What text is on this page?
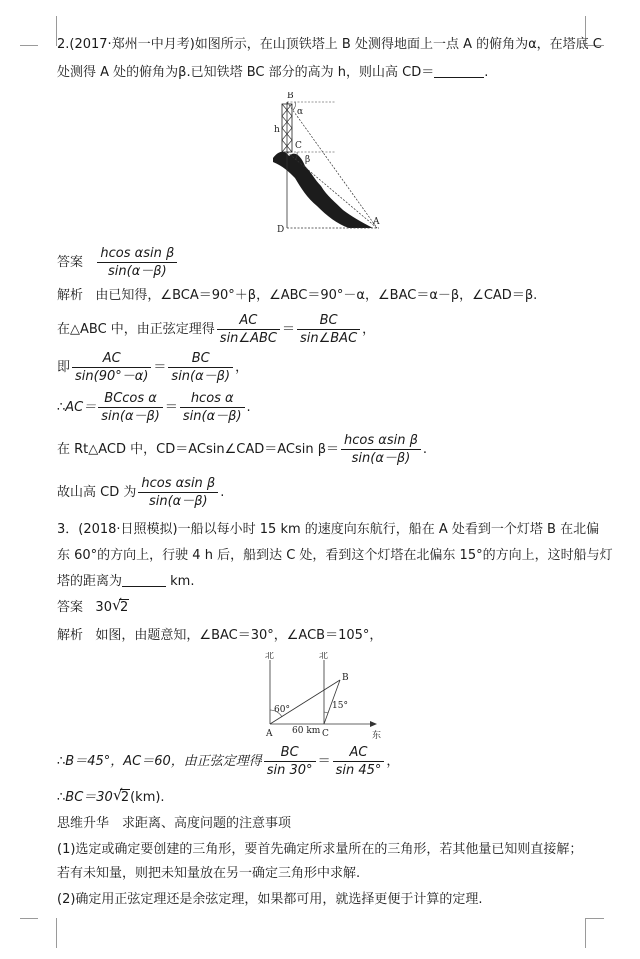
2.(2017·郑州一中月考)如图所示，在山顶铁塔上 B 处测得地面上一点 A 的俯角为α，在塔底 C
处测得 A 处的俯角为β.已知铁塔 BC 部分的高为 h，则山高 CD＝	.
B
h
α
C
β
D
A
答案 $\frac{\text{hcos αsin β}}{\sin(\alpha-\beta)}$
解析 由已知得，∠BCA＝90°＋β，∠ABC＝90°－α，∠BAC＝α－β，∠CAD＝β.
在△ABC 中，由正弦定理得 $\frac{AC}{\text{sin∠ABC}} = \frac{BC}{\text{sin∠BAC}}$ ，
即 $\frac{AC}{\sin(90^\circ-\alpha)} = \frac{BC}{\sin(\alpha-\beta)}$ ，
∴AC＝ $\frac{\text{BCcos α}}{\sin(\alpha-\beta)} = \frac{\text{hcos α}}{\sin(\alpha-\beta)}$ .
在 Rt△ACD 中，CD＝ACsin∠CAD＝ACsin $\beta= \frac{\text{hcos αsin β}}{\sin(\alpha-\beta)}$ .
故山高 CD 为 $\frac{\text{hcos αsin β}}{\sin(\alpha-\beta)}$ .
3．(2018·日照模拟)一船以每小时 15 km 的速度向东航行，船在 A 处看到一个灯塔 B 在北偏
东 60°的方向上，行驶 4 h 后，船到达 C 处，看到这个灯塔在北偏东 15°的方向上，这时船与灯
塔的距离为	km.
答案 30 √
2
解析 如图，由题意知，∠BAC＝30°，∠ACB＝105°，
北	北
东
A	C
B
60°	15°
60 km
∴B＝45°，AC＝60，由正弦定理得 $\frac{BC}{\sin 30^\circ} = \frac{AC}{\sin 45^\circ}$ ，
∴BC＝30 √
2(km).
思维升华　求距离、高度问题的注意事项
(1)选定或确定要创建的三角形，要首先确定所求量所在的三角形，若其他量已知则直接解；
若有未知量，则把未知量放在另一确定三角形中求解.
(2)确定用正弦定理还是余弦定理，如果都可用，就选择更便于计算的定理.
